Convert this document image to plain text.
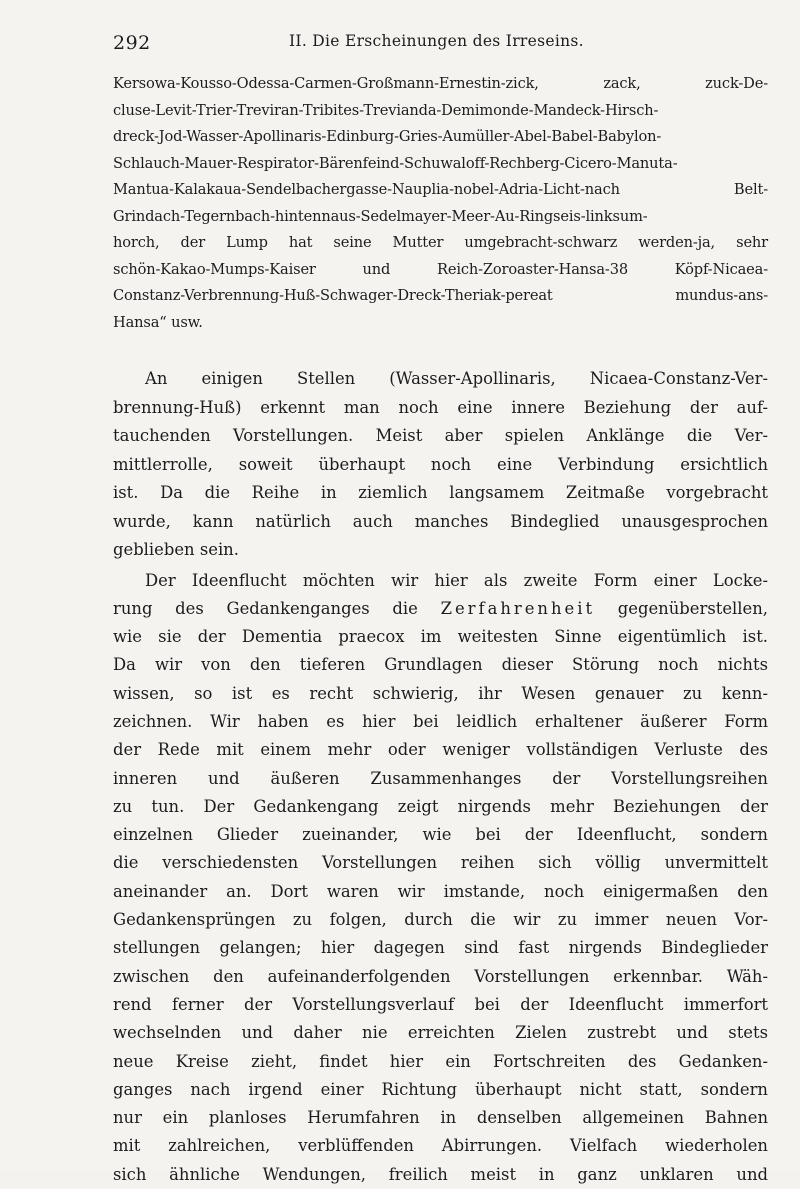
292	II. Die Erscheinungen des Irreseins.
Kersowa-Kousso-Odessa-Carmen-Großmann-Ernestin-zick, zack, zuck-De-
cluse-Levit-Trier-Treviran-Tribites-Trevianda-Demimonde-Mandeck-Hirsch-
dreck-Jod-Wasser-Apollinaris-Edinburg-Gries-Aumüller-Abel-Babel-Babylon-
Schlauch-Mauer-Respirator-Bärenfeind-Schuwaloff-Rechberg-Cicero-Manuta-
Mantua-Kalakaua-Sendelbachergasse-Nauplia-nobel-Adria-Licht-nach Belt-
Grindach-Tegernbach-hintennaus-Sedelmayer-Meer-Au-Ringseis-linksum-
horch, der Lump hat seine Mutter umgebracht-schwarz werden-ja, sehr
schön-Kakao-Mumps-Kaiser und Reich-Zoroaster-Hansa-38 Köpf-Nicaea-
Constanz-Verbrennung-Huß-Schwager-Dreck-Theriak-pereat mundus-ans-
Hansa“ usw.
An einigen Stellen (Wasser-Apollinaris, Nicaea-Constanz-Ver-
brennung-Huß) erkennt man noch eine innere Beziehung der auf-
tauchenden Vorstellungen. Meist aber spielen Anklänge die Ver-
mittlerrolle, soweit überhaupt noch eine Verbindung ersichtlich
ist. Da die Reihe in ziemlich langsamem Zeitmaße vorgebracht
wurde, kann natürlich auch manches Bindeglied unausgesprochen
geblieben sein.
Der Ideenflucht möchten wir hier als zweite Form einer Locke-
rung des Gedankenganges die Zerfahrenheit gegenüberstellen,
wie sie der Dementia praecox im weitesten Sinne eigentümlich ist.
Da wir von den tieferen Grundlagen dieser Störung noch nichts
wissen, so ist es recht schwierig, ihr Wesen genauer zu kenn-
zeichnen. Wir haben es hier bei leidlich erhaltener äußerer Form
der Rede mit einem mehr oder weniger vollständigen Verluste des
inneren und äußeren Zusammenhanges der Vorstellungsreihen
zu tun. Der Gedankengang zeigt nirgends mehr Beziehungen der
einzelnen Glieder zueinander, wie bei der Ideenflucht, sondern
die verschiedensten Vorstellungen reihen sich völlig unvermittelt
aneinander an. Dort waren wir imstande, noch einigermaßen den
Gedankensprüngen zu folgen, durch die wir zu immer neuen Vor-
stellungen gelangen; hier dagegen sind fast nirgends Bindeglieder
zwischen den aufeinanderfolgenden Vorstellungen erkennbar. Wäh-
rend ferner der Vorstellungsverlauf bei der Ideenflucht immerfort
wechselnden und daher nie erreichten Zielen zustrebt und stets
neue Kreise zieht, findet hier ein Fortschreiten des Gedanken-
ganges nach irgend einer Richtung überhaupt nicht statt, sondern
nur ein planloses Herumfahren in denselben allgemeinen Bahnen
mit zahlreichen, verblüffenden Abirrungen. Vielfach wiederholen
sich ähnliche Wendungen, freilich meist in ganz unklaren und
